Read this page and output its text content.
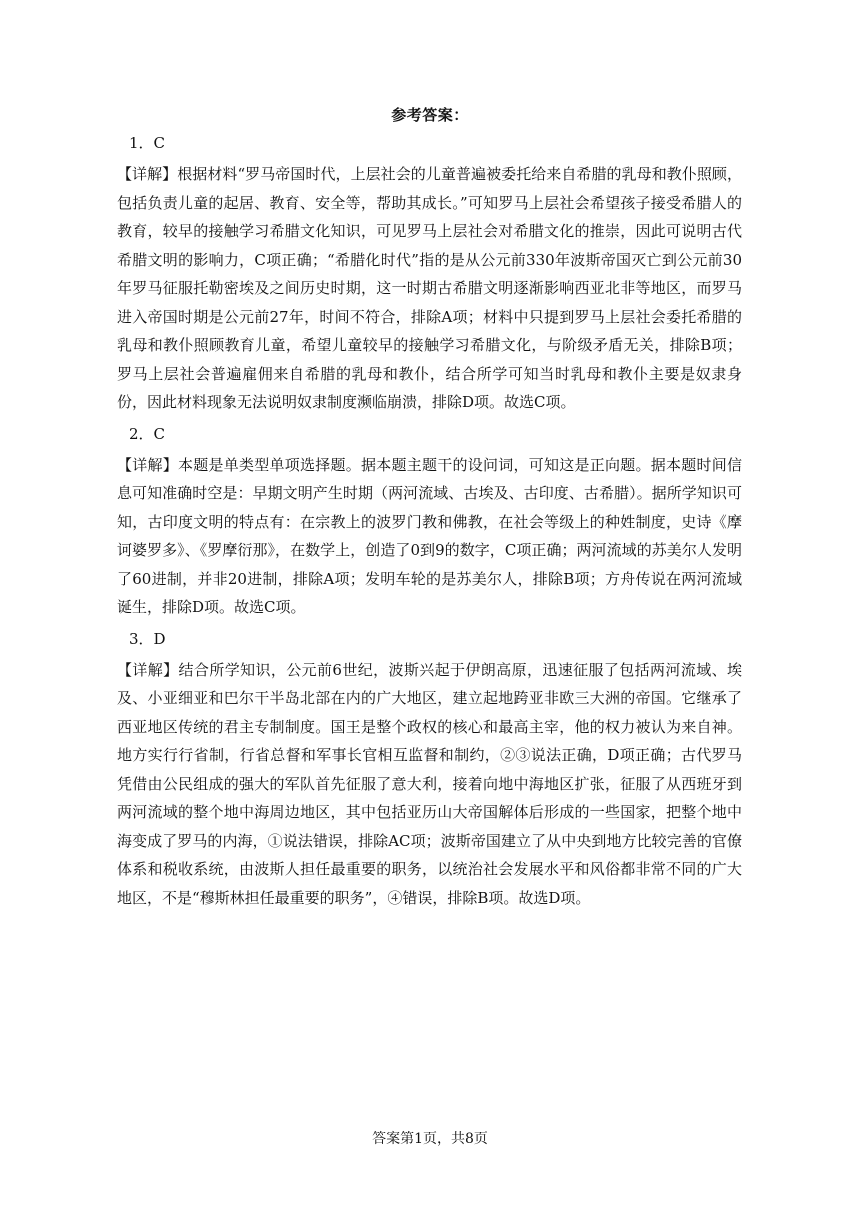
参考答案：
1．C

【详解】根据材料“罗马帝国时代，上层社会的儿童普遍被委托给来自希腊的乳母和教仆照顾，包括负责儿童的起居、教育、安全等，帮助其成长。”可知罗马上层社会希望孩子接受希腊人的教育，较早的接触学习希腊文化知识，可见罗马上层社会对希腊文化的推崇，因此可说明古代希腊文明的影响力，C项正确；“希腊化时代”指的是从公元前330年波斯帝国灭亡到公元前30年罗马征服托勒密埃及之间历史时期，这一时期古希腊文明逐渐影响西亚北非等地区，而罗马进入帝国时期是公元前27年，时间不符合，排除A项；材料中只提到罗马上层社会委托希腊的乳母和教仆照顾教育儿童，希望儿童较早的接触学习希腊文化，与阶级矛盾无关，排除B项；罗马上层社会普遍雇佣来自希腊的乳母和教仆，结合所学可知当时乳母和教仆主要是奴隶身份，因此材料现象无法说明奴隶制度濒临崩溃，排除D项。故选C项。

2．C

【详解】本题是单类型单项选择题。据本题主题干的设问词，可知这是正向题。据本题时间信息可知准确时空是：早期文明产生时期（两河流域、古埃及、古印度、古希腊）。据所学知识可知，古印度文明的特点有：在宗教上的波罗门教和佛教，在社会等级上的种姓制度，史诗《摩诃婆罗多》、《罗摩衍那》，在数学上，创造了0到9的数字，C项正确；两河流域的苏美尔人发明了60进制，并非20进制，排除A项；发明车轮的是苏美尔人，排除B项；方舟传说在两河流域诞生，排除D项。故选C项。

3．D

【详解】结合所学知识，公元前6世纪，波斯兴起于伊朗高原，迅速征服了包括两河流域、埃及、小亚细亚和巴尔干半岛北部在内的广大地区，建立起地跨亚非欧三大洲的帝国。它继承了西亚地区传统的君主专制制度。国王是整个政权的核心和最高主宰，他的权力被认为来自神。地方实行行省制，行省总督和军事长官相互监督和制约，②③说法正确，D项正确；古代罗马凭借由公民组成的强大的军队首先征服了意大利，接着向地中海地区扩张，征服了从西班牙到两河流域的整个地中海周边地区，其中包括亚历山大帝国解体后形成的一些国家，把整个地中海变成了罗马的内海，①说法错误，排除AC项；波斯帝国建立了从中央到地方比较完善的官僚体系和税收系统，由波斯人担任最重要的职务，以统治社会发展水平和风俗都非常不同的广大地区，不是“穆斯林担任最重要的职务”，④错误，排除B项。故选D项。

答案第1页，共8页
